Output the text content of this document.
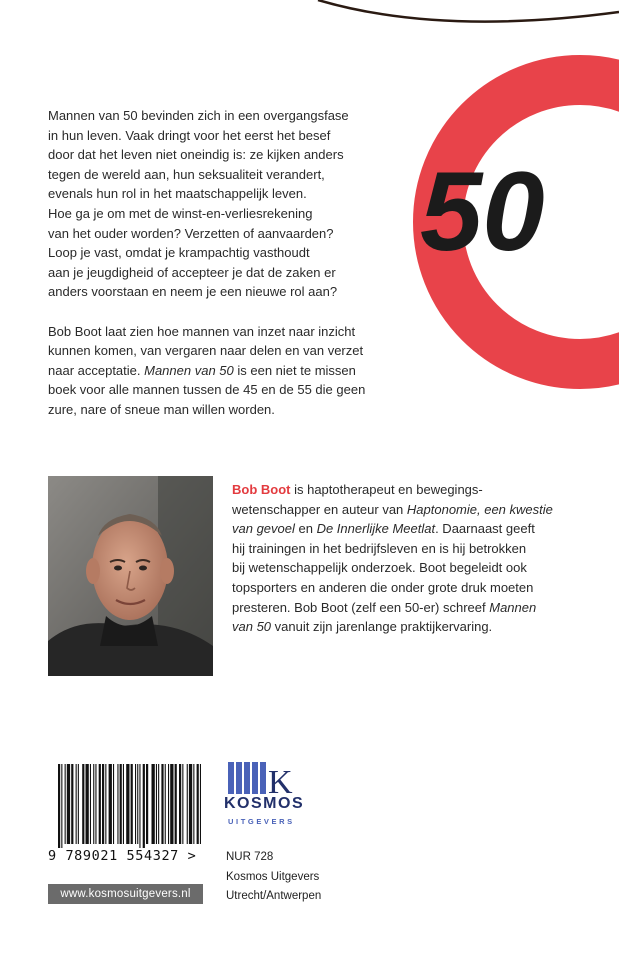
50

Mannen van 50 bevinden zich in een overgangsfase
in hun leven. Vaak dringt voor het eerst het besef
door dat het leven niet oneindig is: ze kijken anders
tegen de wereld aan, hun seksualiteit verandert,
evenals hun rol in het maatschappelijk leven.
Hoe ga je om met de winst-en-verliesrekening
van het ouder worden? Verzetten of aanvaarden?
Loop je vast, omdat je krampachtig vasthoudt
aan je jeugdigheid of accepteer je dat de zaken er
anders voorstaan en neem je een nieuwe rol aan?

Bob Boot laat zien hoe mannen van inzet naar inzicht
kunnen komen, van vergaren naar delen en van verzet
naar acceptatie. Mannen van 50 is een niet te missen
boek voor alle mannen tussen de 45 en de 55 die geen
zure, nare of sneue man willen worden.

Bob Boot is haptotherapeut en bewegings-
wetenschapper en auteur van Haptonomie, een kwestie
van gevoel en De Innerlijke Meetlat. Daarnaast geeft
hij trainingen in het bedrijfsleven en is hij betrokken
bij wetenschappelijk onderzoek. Boot begeleidt ook
topsporters en anderen die onder grote druk moeten
presteren. Bob Boot (zelf een 50-er) schreef Mannen
van 50 vanuit zijn jarenlange praktijkervaring.
9 789021 554327 >
www.kosmosuitgevers.nl
K
KOSMOS
UITGEVERS
NUR 728
Kosmos Uitgevers
Utrecht/Antwerpen
